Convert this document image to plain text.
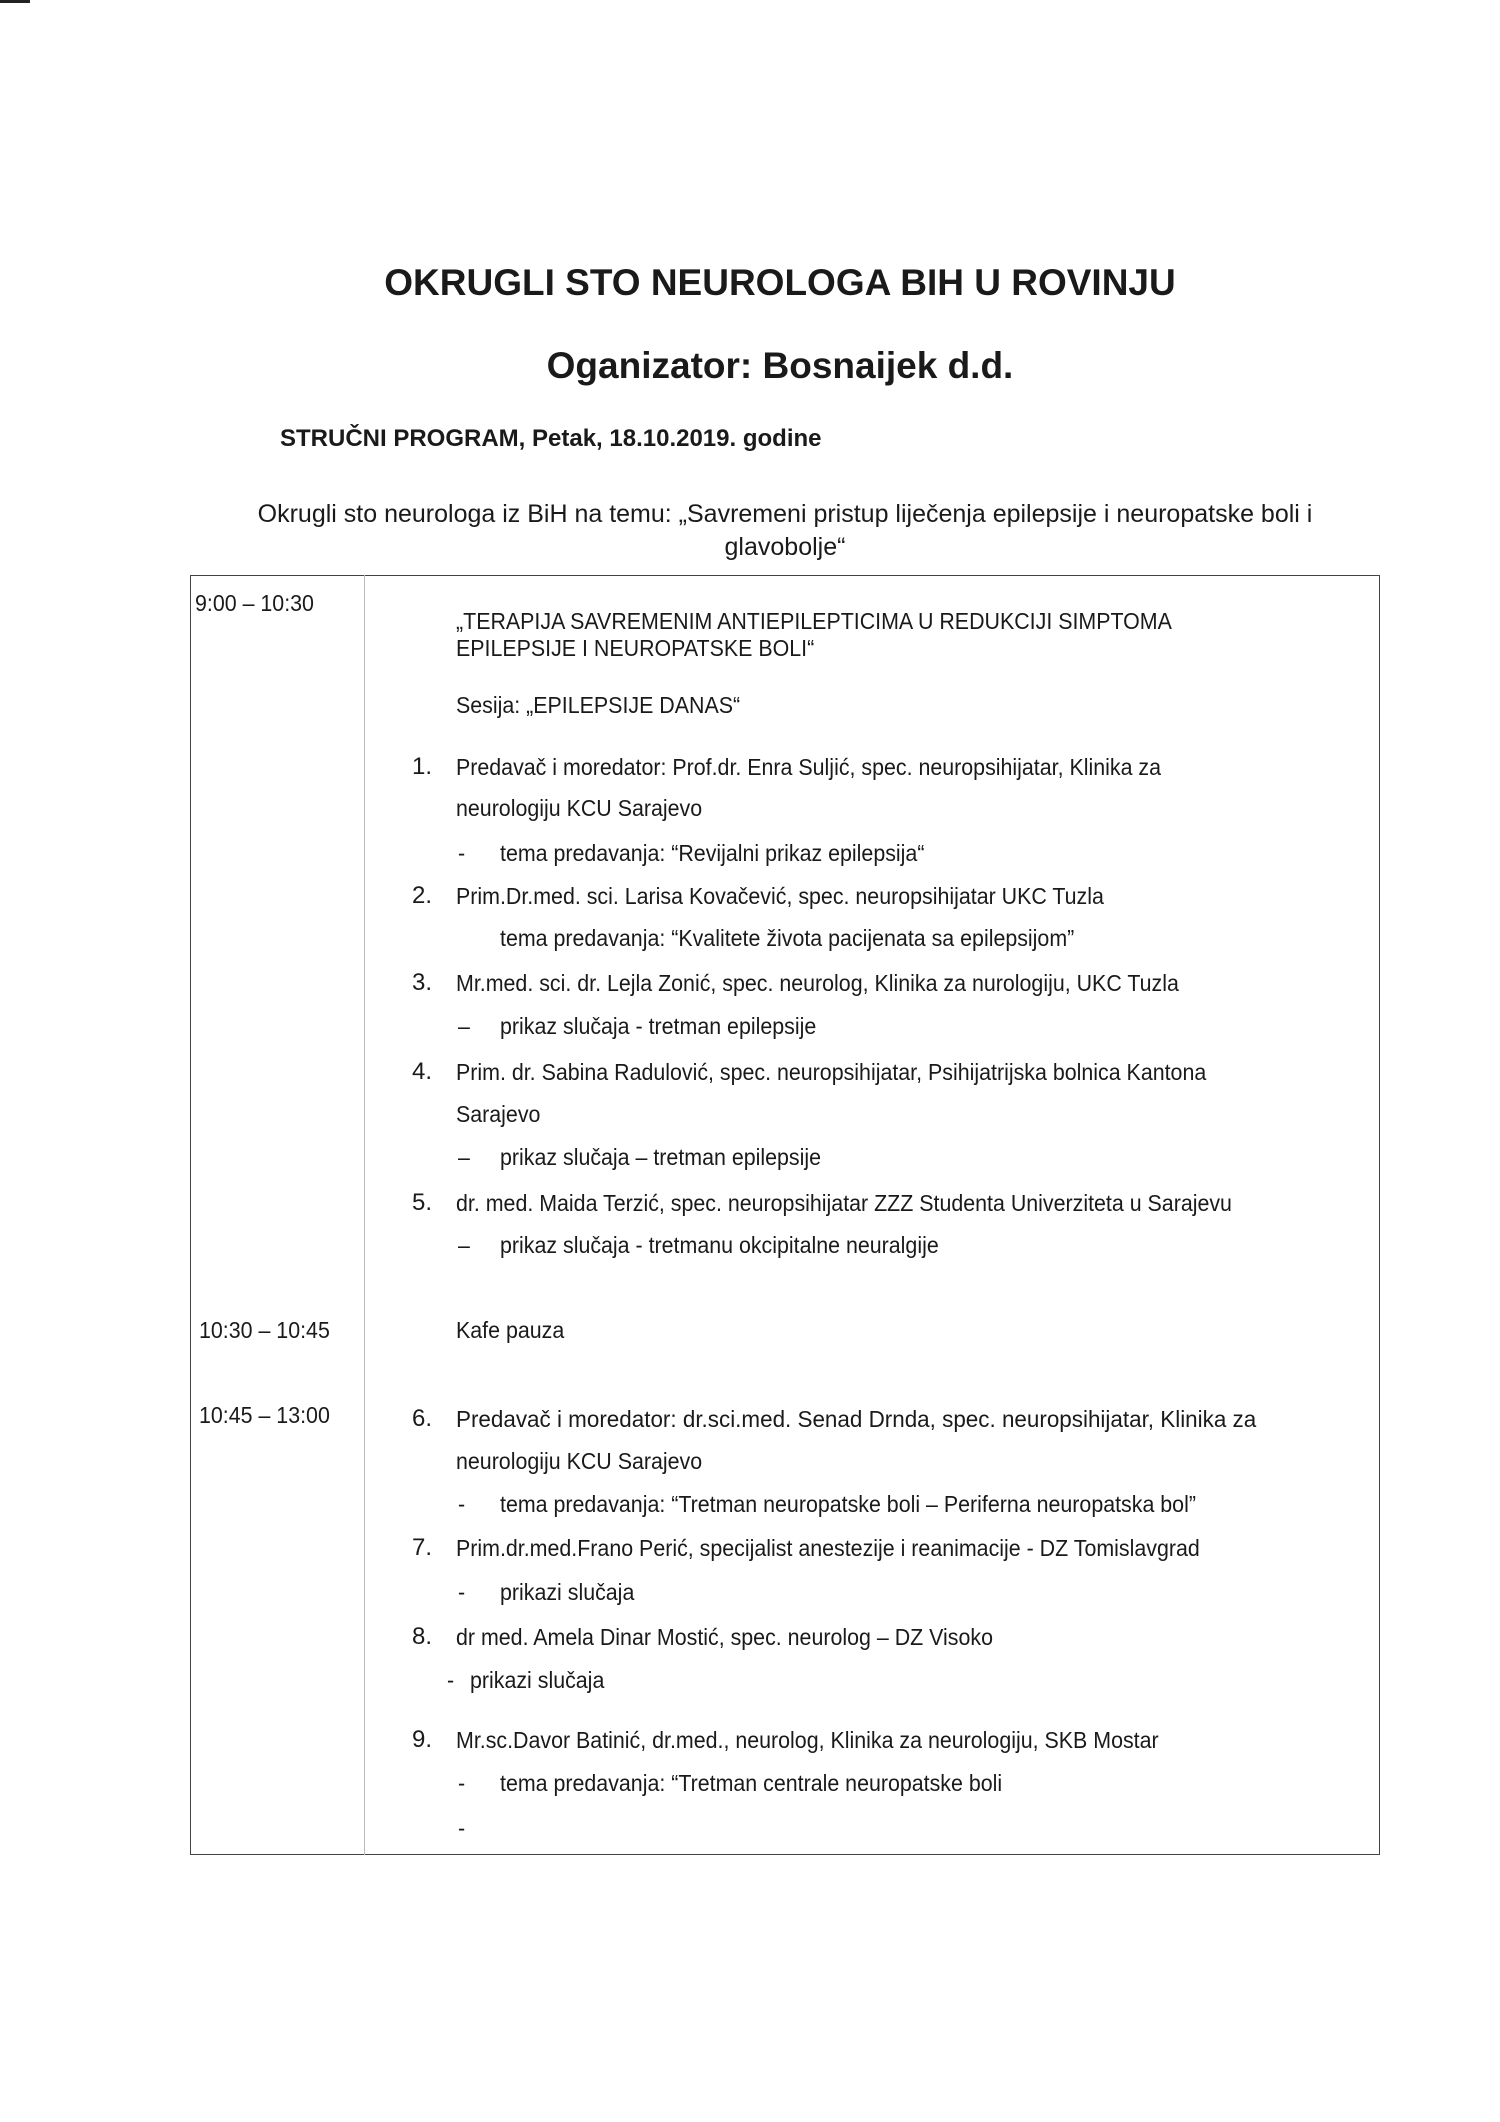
OKRUGLI STO NEUROLOGA BIH U ROVINJU
Oganizator: Bosnaijek d.d.
STRUČNI PROGRAM, Petak, 18.10.2019. godine
Okrugli sto neurologa iz BiH na temu: „Savremeni pristup liječenja epilepsije i neuropatske boli i
glavobolje“
9:00 – 10:30
„TERAPIJA SAVREMENIM ANTIEPILEPTICIMA U REDUKCIJI SIMPTOMA
EPILEPSIJE I NEUROPATSKE BOLI“
Sesija: „EPILEPSIJE DANAS“
1. Predavač i moredator: Prof.dr. Enra Suljić, spec. neuropsihijatar, Klinika za
neurologiju KCU Sarajevo
- tema predavanja: “Revijalni prikaz epilepsija“
2. Prim.Dr.med. sci. Larisa Kovačević, spec. neuropsihijatar UKC Tuzla
tema predavanja: “Kvalitete života pacijenata sa epilepsijom”
3. Mr.med. sci. dr. Lejla Zonić, spec. neurolog, Klinika za nurologiju, UKC Tuzla
– prikaz slučaja - tretman epilepsije
4. Prim. dr. Sabina Radulović, spec. neuropsihijatar, Psihijatrijska bolnica Kantona
Sarajevo
– prikaz slučaja – tretman epilepsije
5. dr. med. Maida Terzić, spec. neuropsihijatar ZZZ Studenta Univerziteta u Sarajevu
– prikaz slučaja - tretmanu okcipitalne neuralgije
10:30 – 10:45	Kafe pauza
10:45 – 13:00	6. Predavač i moredator: dr.sci.med. Senad Drnda, spec. neuropsihijatar, Klinika za
neurologiju KCU Sarajevo
- tema predavanja: “Tretman neuropatske boli – Periferna neuropatska bol”
7. Prim.dr.med.Frano Perić, specijalist anestezije i reanimacije - DZ Tomislavgrad
- prikazi slučaja
8. dr med. Amela Dinar Mostić, spec. neurolog – DZ Visoko
- prikazi slučaja
9. Mr.sc.Davor Batinić, dr.med., neurolog, Klinika za neurologiju, SKB Mostar
- tema predavanja: “Tretman centrale neuropatske boli
-
